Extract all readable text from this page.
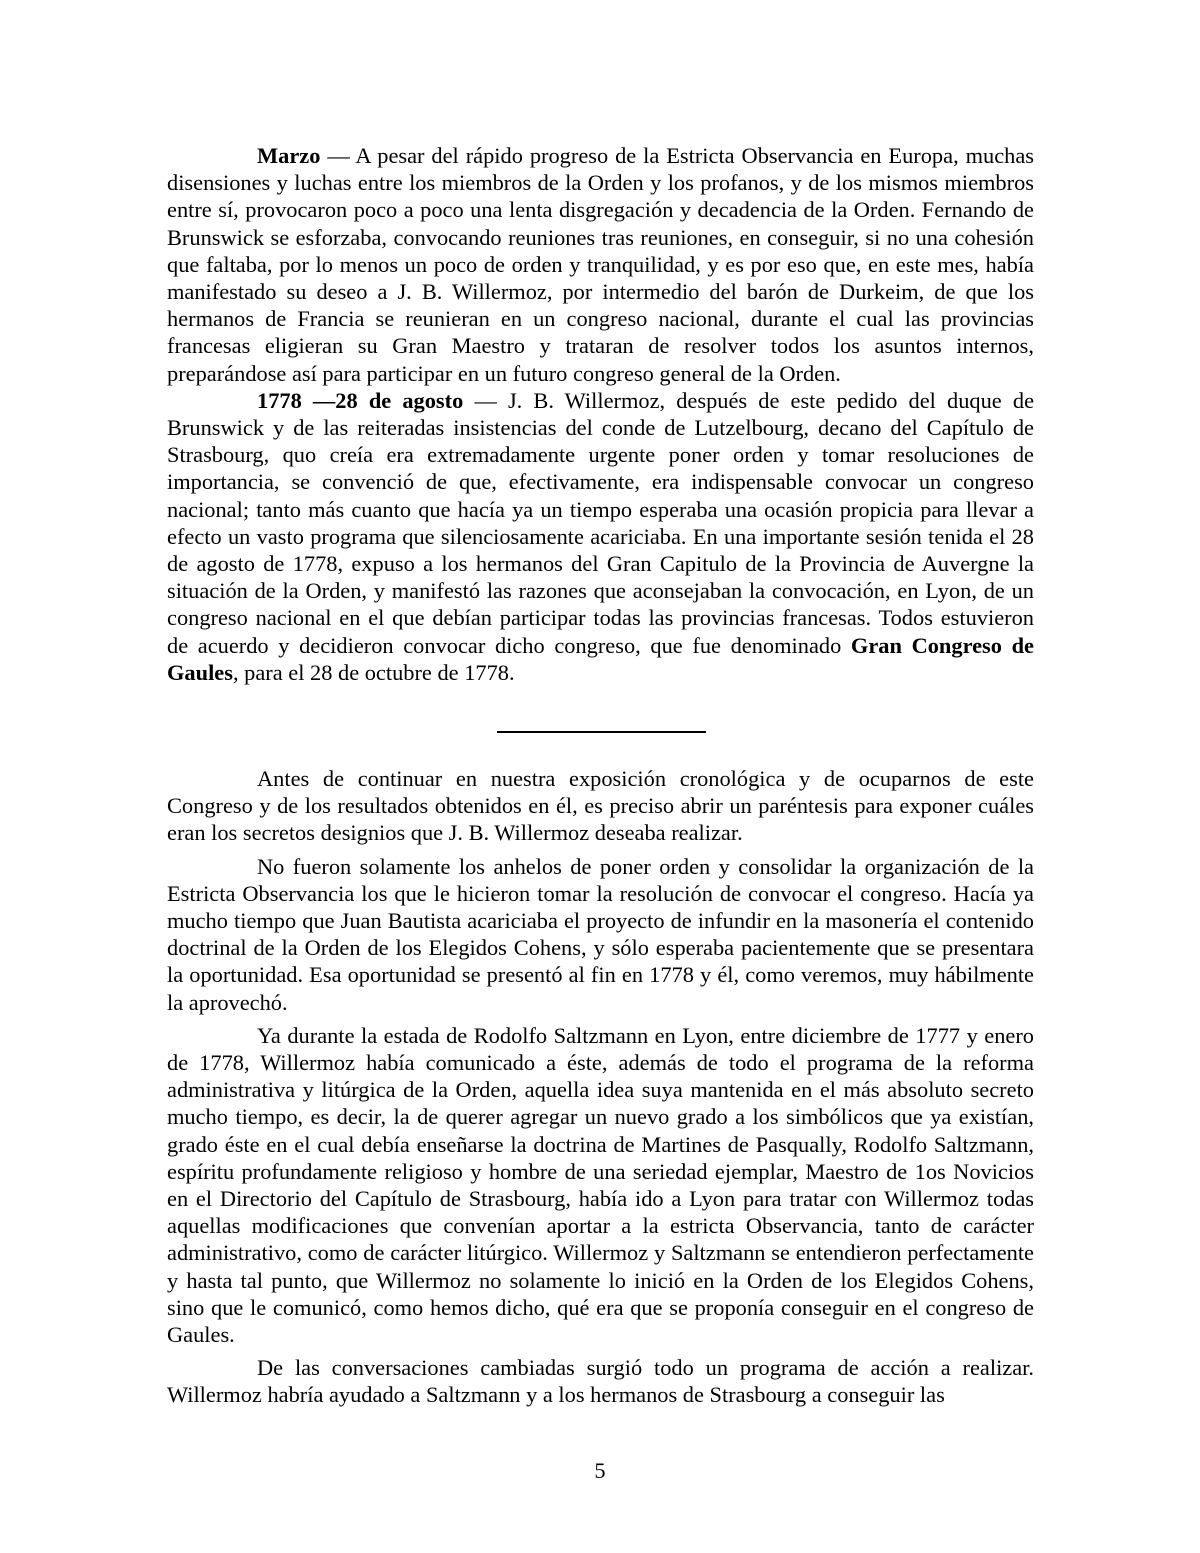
Marzo — A pesar del rápido progreso de la Estricta Observancia en Europa, muchas disensiones y luchas entre los miembros de la Orden y los profanos, y de los mismos miembros entre sí, provocaron poco a poco una lenta disgregación y decadencia de la Orden. Fernando de Brunswick se esforzaba, convocando reuniones tras reuniones, en conseguir, si no una cohesión que faltaba, por lo menos un poco de orden y tranquilidad, y es por eso que, en este mes, había manifestado su deseo a J. B. Willermoz, por intermedio del barón de Durkeim, de que los hermanos de Francia se reunieran en un congreso nacional, durante el cual las provincias francesas eligieran su Gran Maestro y trataran de resolver todos los asuntos internos, preparándose así para participar en un futuro congreso general de la Orden.

1778 —28 de agosto — J. B. Willermoz, después de este pedido del duque de Brunswick y de las reiteradas insistencias del conde de Lutzelbourg, decano del Capítulo de Strasbourg, quo creía era extremadamente urgente poner orden y tomar resoluciones de importancia, se convenció de que, efectivamente, era indispensable convocar un congreso nacional; tanto más cuanto que hacía ya un tiempo esperaba una ocasión propicia para llevar a efecto un vasto programa que silenciosamente acariciaba. En una importante sesión tenida el 28 de agosto de 1778, expuso a los hermanos del Gran Capitulo de la Provincia de Auvergne la situación de la Orden, y manifestó las razones que aconsejaban la convocación, en Lyon, de un congreso nacional en el que debían participar todas las provincias francesas. Todos estuvieron de acuerdo y decidieron convocar dicho congreso, que fue denominado Gran Congreso de Gaules, para el 28 de octubre de 1778.

Antes de continuar en nuestra exposición cronológica y de ocuparnos de este Congreso y de los resultados obtenidos en él, es preciso abrir un paréntesis para exponer cuáles eran los secretos designios que J. B. Willermoz deseaba realizar.

No fueron solamente los anhelos de poner orden y consolidar la organización de la Estricta Observancia los que le hicieron tomar la resolución de convocar el congreso. Hacía ya mucho tiempo que Juan Bautista acariciaba el proyecto de infundir en la masonería el contenido doctrinal de la Orden de los Elegidos Cohens, y sólo esperaba pacientemente que se presentara la oportunidad. Esa oportunidad se presentó al fin en 1778 y él, como veremos, muy hábilmente la aprovechó.

Ya durante la estada de Rodolfo Saltzmann en Lyon, entre diciembre de 1777 y enero de 1778, Willermoz había comunicado a éste, además de todo el programa de la reforma administrativa y litúrgica de la Orden, aquella idea suya mantenida en el más absoluto secreto mucho tiempo, es decir, la de querer agregar un nuevo grado a los simbólicos que ya existían, grado éste en el cual debía enseñarse la doctrina de Martines de Pasqually, Rodolfo Saltzmann, espíritu profundamente religioso y hombre de una seriedad ejemplar, Maestro de 1os Novicios en el Directorio del Capítulo de Strasbourg, había ido a Lyon para tratar con Willermoz todas aquellas modificaciones que convenían aportar a la estricta Observancia, tanto de carácter administrativo, como de carácter litúrgico. Willermoz y Saltzmann se entendieron perfectamente y hasta tal punto, que Willermoz no solamente lo inició en la Orden de los Elegidos Cohens, sino que le comunicó, como hemos dicho, qué era que se proponía conseguir en el congreso de Gaules.

De las conversaciones cambiadas surgió todo un programa de acción a realizar. Willermoz habría ayudado a Saltzmann y a los hermanos de Strasbourg a conseguir las

5
